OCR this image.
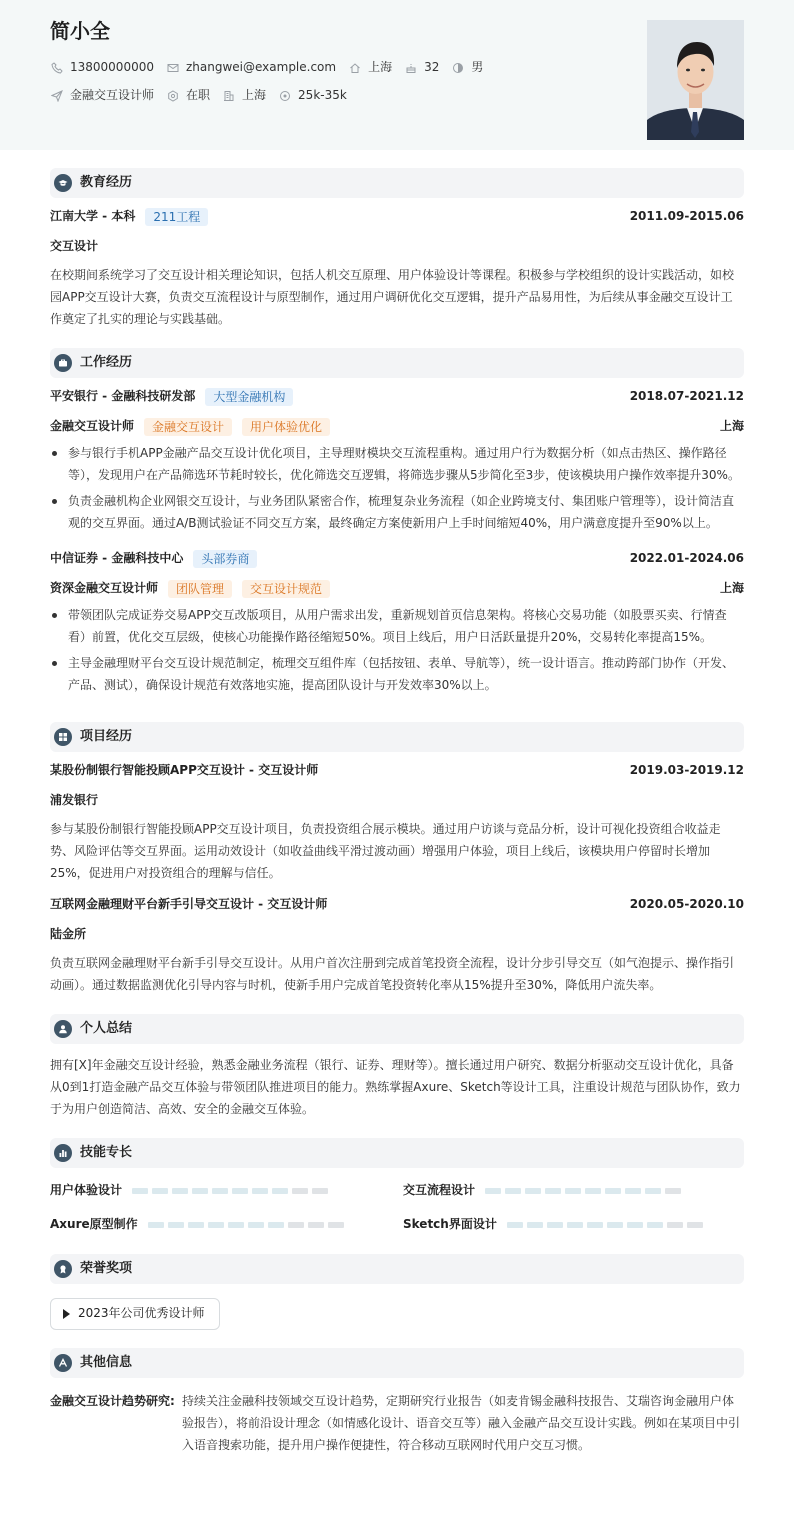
简小全
13800000000	zhangwei@example.com	上海	32	男
金融交互设计师	在职	上海	25k-35k
教育经历
江南大学 - 本科	211工程	2011.09-2015.06
交互设计
在校期间系统学习了交互设计相关理论知识，包括人机交互原理、用户体验设计等课程。积极参与学校组织的设计实践活动，如校园APP交互设计大赛，负责交互流程设计与原型制作，通过用户调研优化交互逻辑，提升产品易用性，为后续从事金融交互设计工作奠定了扎实的理论与实践基础。
工作经历
平安银行 - 金融科技研发部	大型金融机构	2018.07-2021.12
金融交互设计师	金融交互设计	用户体验优化	上海
参与银行手机APP金融产品交互设计优化项目，主导理财模块交互流程重构。通过用户行为数据分析（如点击热区、操作路径等），发现用户在产品筛选环节耗时较长，优化筛选交互逻辑，将筛选步骤从5步简化至3步，使该模块用户操作效率提升30%。
负责金融机构企业网银交互设计，与业务团队紧密合作，梳理复杂业务流程（如企业跨境支付、集团账户管理等），设计简洁直观的交互界面。通过A/B测试验证不同交互方案，最终确定方案使新用户上手时间缩短40%，用户满意度提升至90%以上。
中信证券 - 金融科技中心	头部券商	2022.01-2024.06
资深金融交互设计师	团队管理	交互设计规范	上海
带领团队完成证券交易APP交互改版项目，从用户需求出发，重新规划首页信息架构。将核心交易功能（如股票买卖、行情查看）前置，优化交互层级，使核心功能操作路径缩短50%。项目上线后，用户日活跃量提升20%，交易转化率提高15%。
主导金融理财平台交互设计规范制定，梳理交互组件库（包括按钮、表单、导航等），统一设计语言。推动跨部门协作（开发、产品、测试），确保设计规范有效落地实施，提高团队设计与开发效率30%以上。
项目经历
某股份制银行智能投顾APP交互设计 - 交互设计师	2019.03-2019.12
浦发银行
参与某股份制银行智能投顾APP交互设计项目，负责投资组合展示模块。通过用户访谈与竞品分析，设计可视化投资组合收益走势、风险评估等交互界面。运用动效设计（如收益曲线平滑过渡动画）增强用户体验，项目上线后，该模块用户停留时长增加25%，促进用户对投资组合的理解与信任。
互联网金融理财平台新手引导交互设计 - 交互设计师	2020.05-2020.10
陆金所
负责互联网金融理财平台新手引导交互设计。从用户首次注册到完成首笔投资全流程，设计分步引导交互（如气泡提示、操作指引动画）。通过数据监测优化引导内容与时机，使新手用户完成首笔投资转化率从15%提升至30%，降低用户流失率。
个人总结
拥有[X]年金融交互设计经验，熟悉金融业务流程（银行、证券、理财等）。擅长通过用户研究、数据分析驱动交互设计优化，具备从0到1打造金融产品交互体验与带领团队推进项目的能力。熟练掌握Axure、Sketch等设计工具，注重设计规范与团队协作，致力于为用户创造简洁、高效、安全的金融交互体验。
技能专长
用户体验设计	交互流程设计
Axure原型制作	Sketch界面设计
荣誉奖项
2023年公司优秀设计师
其他信息
金融交互设计趋势研究: 持续关注金融科技领域交互设计趋势，定期研究行业报告（如麦肯锡金融科技报告、艾瑞咨询金融用户体验报告），将前沿设计理念（如情感化设计、语音交互等）融入金融产品交互设计实践。例如在某项目中引入语音搜索功能，提升用户操作便捷性，符合移动互联网时代用户交互习惯。
